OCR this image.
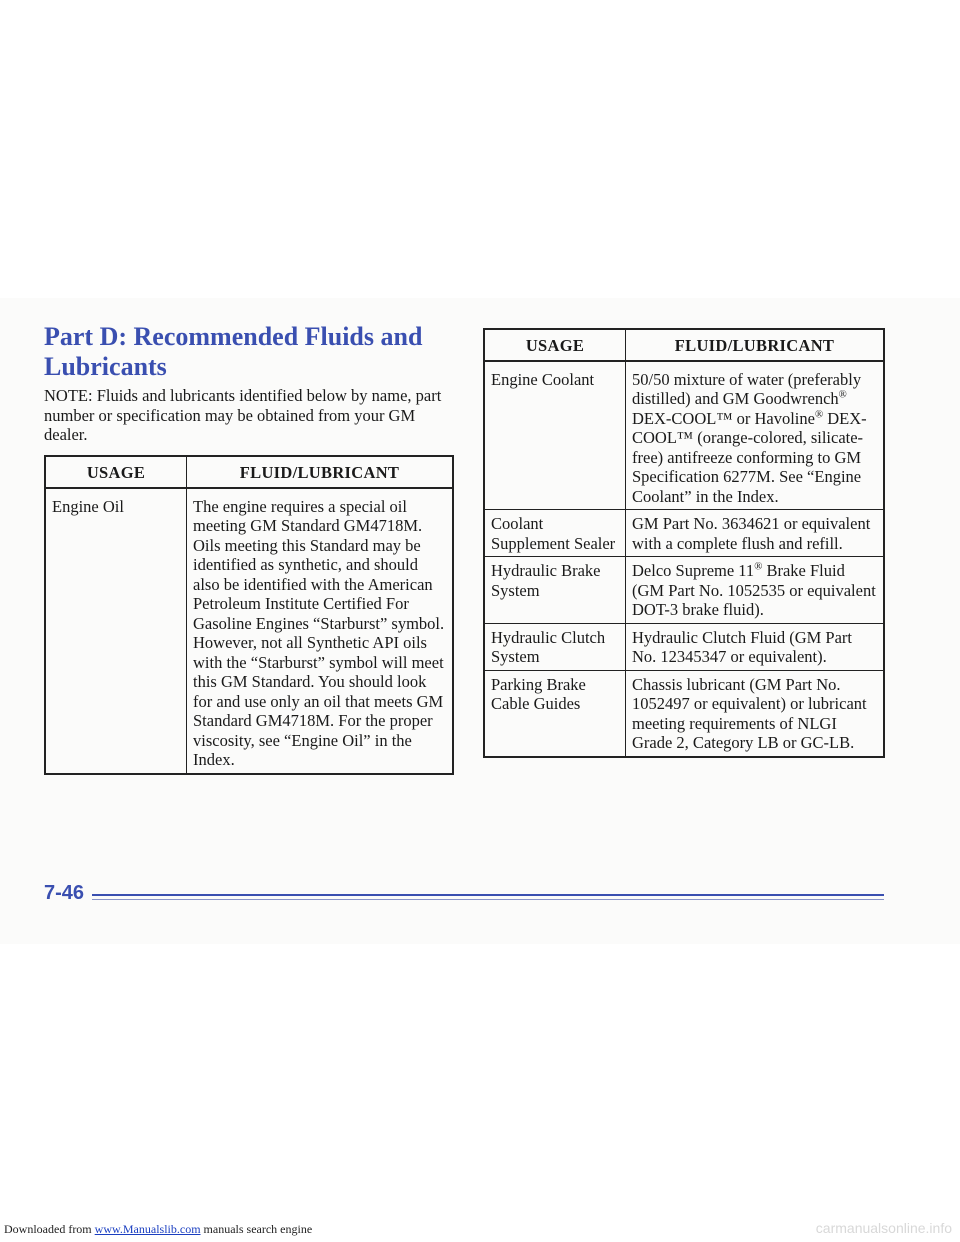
Part D: Recommended Fluids and Lubricants
NOTE: Fluids and lubricants identified below by name, part number or specification may be obtained from your GM dealer.
USAGE	FLUID/LUBRICANT
Engine Oil	The engine requires a special oil meeting GM Standard GM4718M. Oils meeting this Standard may be identified as synthetic, and should also be identified with the American Petroleum Institute Certified For Gasoline Engines “Starburst” symbol. However, not all Synthetic API oils with the “Starburst” symbol will meet this GM Standard. You should look for and use only an oil that meets GM Standard GM4718M. For the proper viscosity, see “Engine Oil” in the Index.
USAGE	FLUID/LUBRICANT
Engine Coolant	50/50 mixture of water (preferably distilled) and GM Goodwrench® DEX-COOL™ or Havoline® DEX-COOL™ (orange-colored, silicate-free) antifreeze conforming to GM Specification 6277M. See “Engine Coolant” in the Index.
Coolant Supplement Sealer	GM Part No. 3634621 or equivalent with a complete flush and refill.
Hydraulic Brake System	Delco Supreme 11® Brake Fluid (GM Part No. 1052535 or equivalent DOT-3 brake fluid).
Hydraulic Clutch System	Hydraulic Clutch Fluid (GM Part No. 12345347 or equivalent).
Parking Brake Cable Guides	Chassis lubricant (GM Part No. 1052497 or equivalent) or lubricant meeting requirements of NLGI Grade 2, Category LB or GC-LB.
7-46
Downloaded from www.Manualslib.com manuals search engine	carmanualsonline.info
